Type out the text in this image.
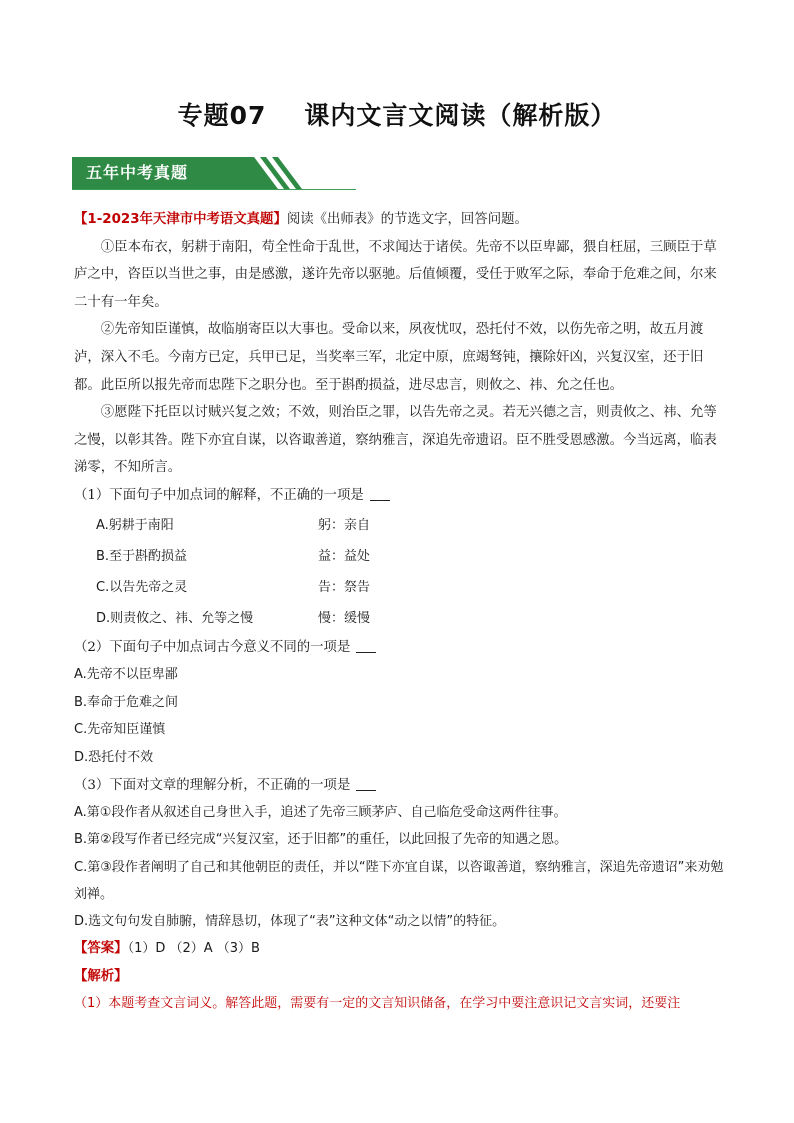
专题07 课内文言文阅读（解析版）
五年中考真题

【1-2023年天津市中考语文真题】阅读《出师表》的节选文字，回答问题。

①臣本布衣，躬耕于南阳，苟全性命于乱世，不求闻达于诸侯。先帝不以臣卑鄙，猥自枉屈，三顾臣于草庐之中，咨臣以当世之事，由是感激，遂许先帝以驱驰。后值倾覆，受任于败军之际，奉命于危难之间，尔来二十有一年矣。

②先帝知臣谨慎，故临崩寄臣以大事也。受命以来，夙夜忧叹，恐托付不效，以伤先帝之明，故五月渡泸，深入不毛。今南方已定，兵甲已足，当奖率三军，北定中原，庶竭驽钝，攘除奸凶，兴复汉室，还于旧都。此臣所以报先帝而忠陛下之职分也。至于斟酌损益，进尽忠言，则攸之、祎、允之任也。

③愿陛下托臣以讨贼兴复之效；不效，则治臣之罪，以告先帝之灵。若无兴德之言，则责攸之、祎、允等之慢，以彰其咎。陛下亦宜自谋，以咨诹善道，察纳雅言，深追先帝遗诏。臣不胜受恩感激。今当远离，临表涕零，不知所言。

（1）下面句子中加点词的解释，不正确的一项是

A.躬耕于南阳	躬：亲自
B.至于斟酌损益	益：益处
C.以告先帝之灵	告：祭告
D.则责攸之、祎、允等之慢	慢：缓慢

（2）下面句子中加点词古今意义不同的一项是

A.先帝不以臣卑鄙

B.奉命于危难之间

C.先帝知臣谨慎

D.恐托付不效

（3）下面对文章的理解分析，不正确的一项是

A.第①段作者从叙述自己身世入手，追述了先帝三顾茅庐、自己临危受命这两件往事。

B.第②段写作者已经完成“兴复汉室，还于旧都”的重任，以此回报了先帝的知遇之恩。

C.第③段作者阐明了自己和其他朝臣的责任，并以“陛下亦宜自谋，以咨诹善道，察纳雅言，深追先帝遗诏”来劝勉刘禅。

D.选文句句发自肺腑，情辞恳切，体现了“表”这种文体“动之以情”的特征。

【答案】（1）D （2）A （3）B

【解析】

（1）本题考查文言词义。解答此题，需要有一定的文言知识储备，在学习中要注意识记文言实词，还要注
